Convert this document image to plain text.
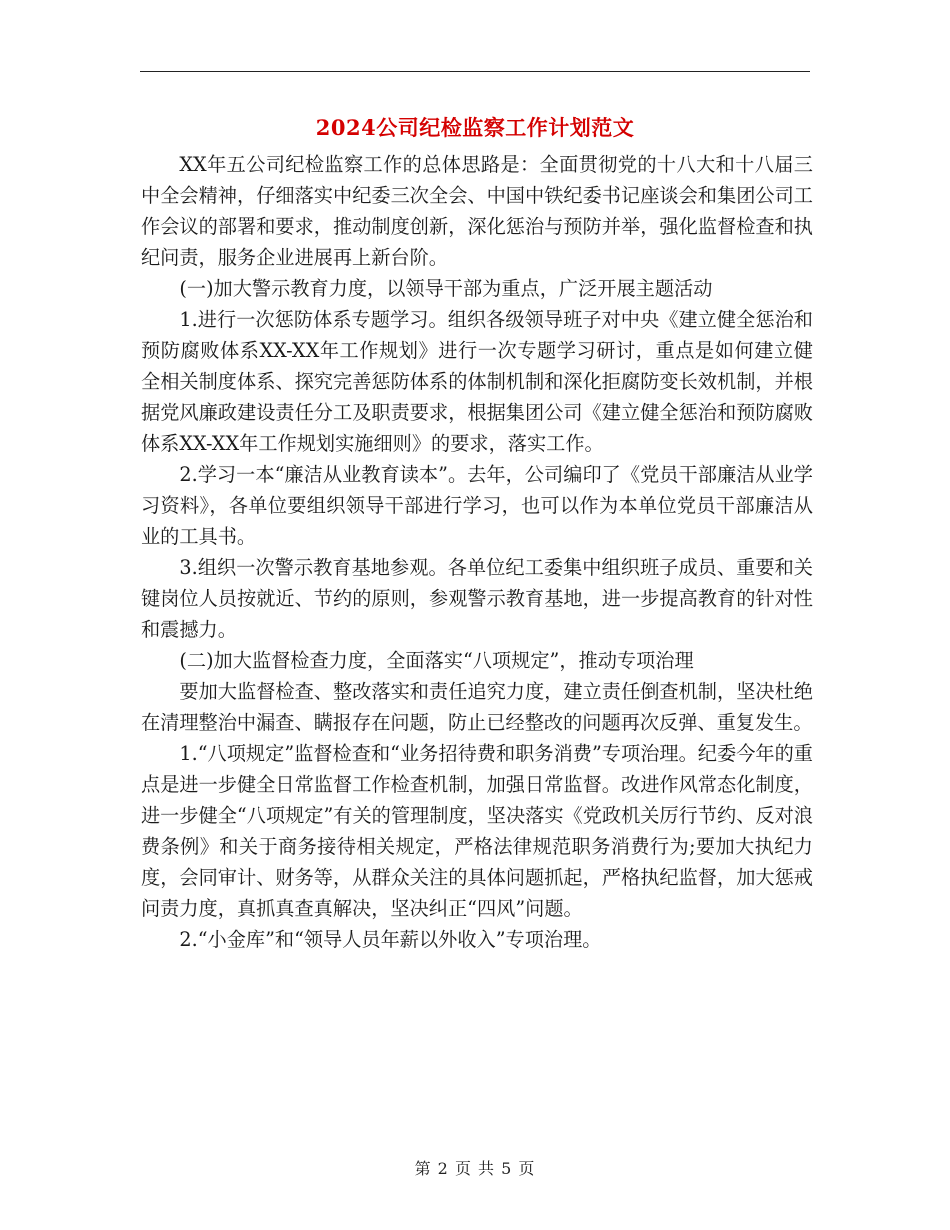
2024公司纪检监察工作计划范文

XX年五公司纪检监察工作的总体思路是：全面贯彻党的十八大和十八届三中全会精神，仔细落实中纪委三次全会、中国中铁纪委书记座谈会和集团公司工作会议的部署和要求，推动制度创新，深化惩治与预防并举，强化监督检查和执纪问责，服务企业进展再上新台阶。

(一)加大警示教育力度，以领导干部为重点，广泛开展主题活动

1.进行一次惩防体系专题学习。组织各级领导班子对中央《建立健全惩治和预防腐败体系XX-XX年工作规划》进行一次专题学习研讨，重点是如何建立健全相关制度体系、探究完善惩防体系的体制机制和深化拒腐防变长效机制，并根据党风廉政建设责任分工及职责要求，根据集团公司《建立健全惩治和预防腐败体系XX-XX年工作规划实施细则》的要求，落实工作。

2.学习一本“廉洁从业教育读本”。去年，公司编印了《党员干部廉洁从业学习资料》，各单位要组织领导干部进行学习，也可以作为本单位党员干部廉洁从业的工具书。

3.组织一次警示教育基地参观。各单位纪工委集中组织班子成员、重要和关键岗位人员按就近、节约的原则，参观警示教育基地，进一步提高教育的针对性和震撼力。

(二)加大监督检查力度，全面落实“八项规定”，推动专项治理

要加大监督检查、整改落实和责任追究力度，建立责任倒查机制，坚决杜绝在清理整治中漏查、瞒报存在问题，防止已经整改的问题再次反弹、重复发生。

1.“八项规定”监督检查和“业务招待费和职务消费”专项治理。纪委今年的重点是进一步健全日常监督工作检查机制，加强日常监督。改进作风常态化制度，进一步健全“八项规定”有关的管理制度，坚决落实《党政机关厉行节约、反对浪费条例》和关于商务接待相关规定，严格法律规范职务消费行为;要加大执纪力度，会同审计、财务等，从群众关注的具体问题抓起，严格执纪监督，加大惩戒问责力度，真抓真查真解决，坚决纠正“四风”问题。

2.“小金库”和“领导人员年薪以外收入”专项治理。

第 2 页 共 5 页
